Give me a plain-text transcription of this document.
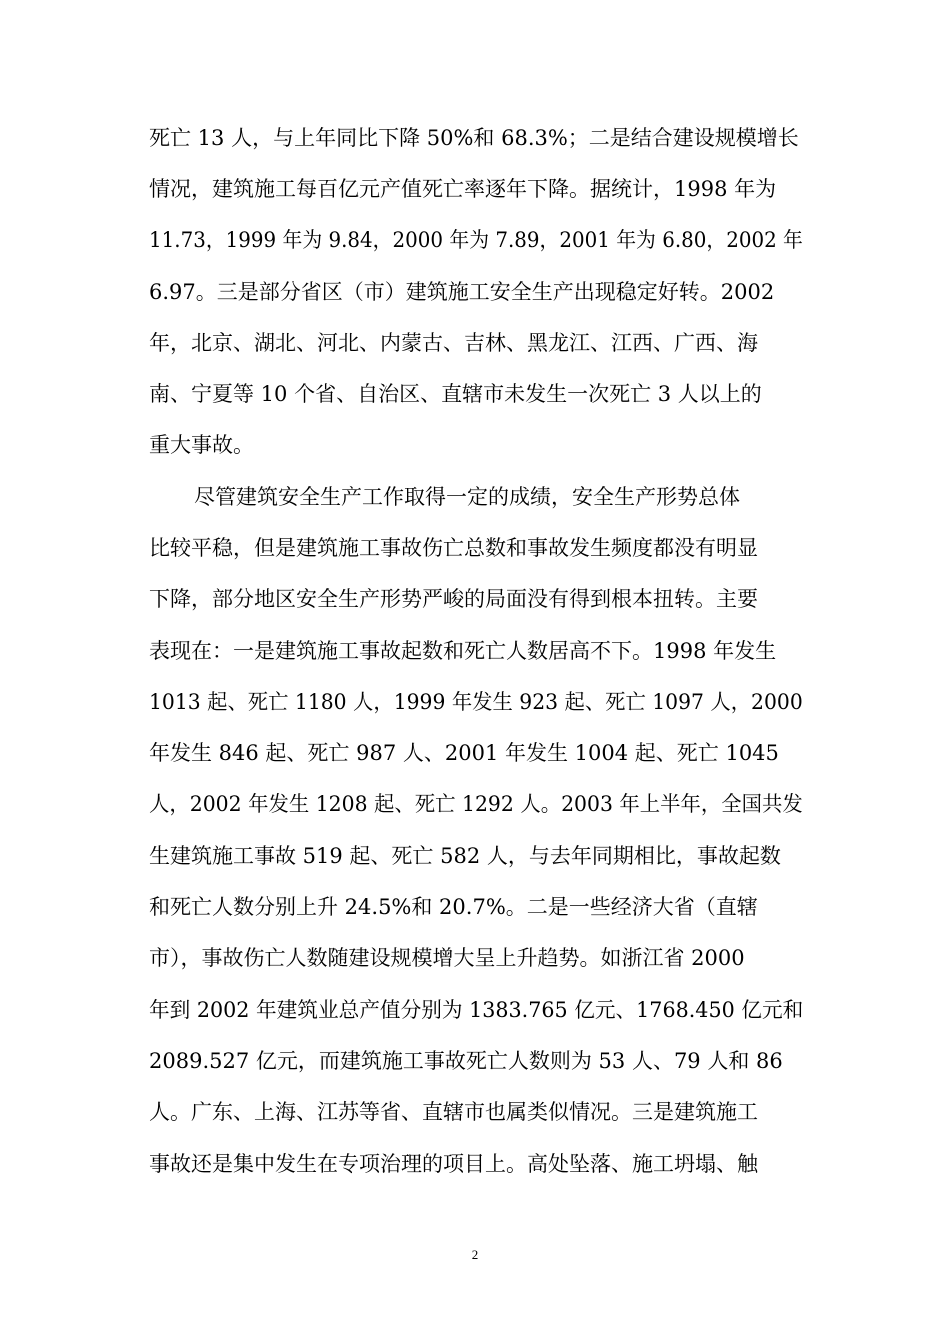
死亡 13 人，与上年同比下降 50%和 68.3%；二是结合建设规模增长
情况，建筑施工每百亿元产值死亡率逐年下降。据统计，1998 年为
11.73，1999 年为 9.84，2000 年为 7.89，2001 年为 6.80，2002 年
6.97。三是部分省区（市）建筑施工安全生产出现稳定好转。2002
年，北京、湖北、河北、内蒙古、吉林、黑龙江、江西、广西、海
南、宁夏等 10 个省、自治区、直辖市未发生一次死亡 3 人以上的
重大事故。
尽管建筑安全生产工作取得一定的成绩，安全生产形势总体
比较平稳，但是建筑施工事故伤亡总数和事故发生频度都没有明显
下降，部分地区安全生产形势严峻的局面没有得到根本扭转。主要
表现在：一是建筑施工事故起数和死亡人数居高不下。1998 年发生
1013 起、死亡 1180 人，1999 年发生 923 起、死亡 1097 人，2000
年发生 846 起、死亡 987 人、2001 年发生 1004 起、死亡 1045
人，2002 年发生 1208 起、死亡 1292 人。2003 年上半年，全国共发
生建筑施工事故 519 起、死亡 582 人，与去年同期相比，事故起数
和死亡人数分别上升 24.5%和 20.7%。二是一些经济大省（直辖
市），事故伤亡人数随建设规模增大呈上升趋势。如浙江省 2000
年到 2002 年建筑业总产值分别为 1383.765 亿元、1768.450 亿元和
2089.527 亿元，而建筑施工事故死亡人数则为 53 人、79 人和 86
人。广东、上海、江苏等省、直辖市也属类似情况。三是建筑施工
事故还是集中发生在专项治理的项目上。高处坠落、施工坍塌、触
2
